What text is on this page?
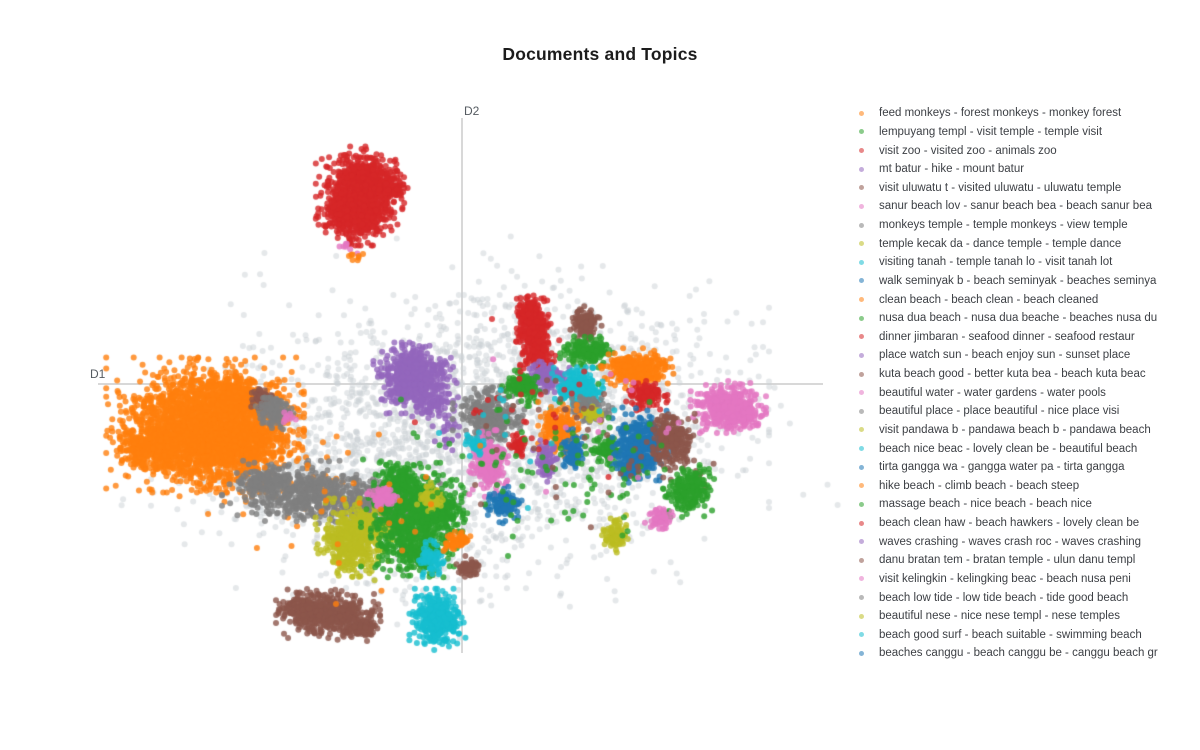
D1
D2	feed monkeys - forest monkeys - monkey forest
lempuyang templ - visit temple - temple visit
visit zoo - visited zoo - animals zoo
mt batur - hike - mount batur
visit uluwatu t - visited uluwatu - uluwatu temple
sanur beach lov - sanur beach bea - beach sanur bea
monkeys temple - temple monkeys - view temple
temple kecak da - dance temple - temple dance
visiting tanah - temple tanah lo - visit tanah lot
walk seminyak b - beach seminyak - beaches seminya
clean beach - beach clean - beach cleaned
nusa dua beach - nusa dua beache - beaches nusa du
dinner jimbaran - seafood dinner - seafood restaur
place watch sun - beach enjoy sun - sunset place
kuta beach good - better kuta bea - beach kuta beac
beautiful water - water gardens - water pools
beautiful place - place beautiful - nice place visi
visit pandawa b - pandawa beach b - pandawa beach
beach nice beac - lovely clean be - beautiful beach
tirta gangga wa - gangga water pa - tirta gangga
hike beach - climb beach - beach steep
massage beach - nice beach - beach nice
beach clean haw - beach hawkers - lovely clean be
waves crashing - waves crash roc - waves crashing
danu bratan tem - bratan temple - ulun danu templ
visit kelingkin - kelingking beac - beach nusa peni
beach low tide - low tide beach - tide good beach
beautiful nese - nice nese templ - nese temples
beach good surf - beach suitable - swimming beach
beaches canggu - beach canggu be - canggu beach gr
